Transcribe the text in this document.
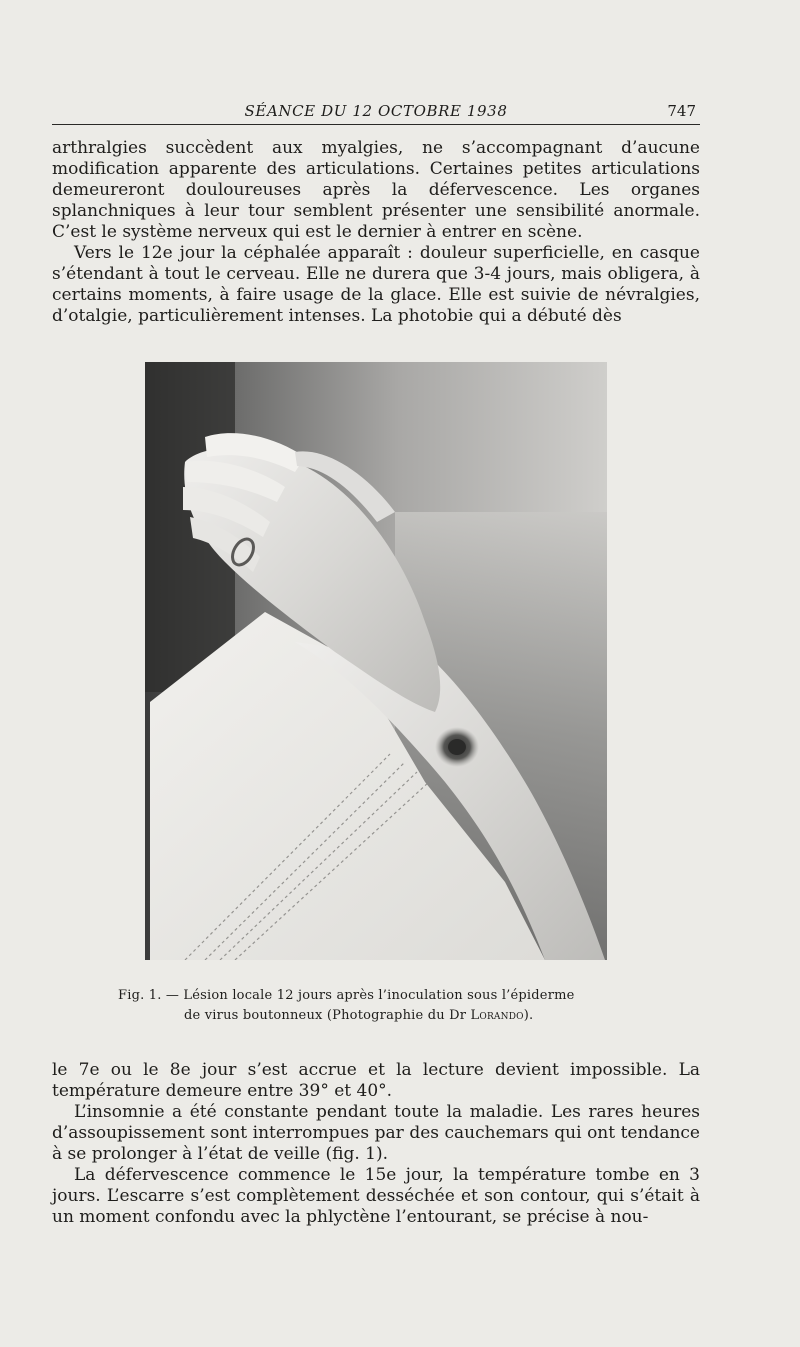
SÉANCE DU 12 OCTOBRE 1938	747

arthralgies succèdent aux myalgies, ne s’accompagnant d’aucune modification apparente des articulations. Certaines petites articulations demeureront douloureuses après la défervescence. Les organes splanchniques à leur tour semblent présenter une sensibilité anormale. C’est le système nerveux qui est le dernier à entrer en scène.

Vers le 12e jour la céphalée apparaît : douleur superficielle, en casque s’étendant à tout le cerveau. Elle ne durera que 3-4 jours, mais obligera, à certains moments, à faire usage de la glace. Elle est suivie de névralgies, d’otalgie, particulièrement intenses. La photobie qui a débuté dès

Fig. 1. — Lésion locale 12 jours après l’inoculation sous l’épiderme
de virus boutonneux (Photographie du Dr Lorando).

le 7e ou le 8e jour s’est accrue et la lecture devient impossible. La température demeure entre 39° et 40°.

L’insomnie a été constante pendant toute la maladie. Les rares heures d’assoupissement sont interrompues par des cauchemars qui ont tendance à se prolonger à l’état de veille (fig. 1).

La défervescence commence le 15e jour, la température tombe en 3 jours. L’escarre s’est complètement desséchée et son contour, qui s’était à un moment confondu avec la phlyctène l’entourant, se précise à nou-
